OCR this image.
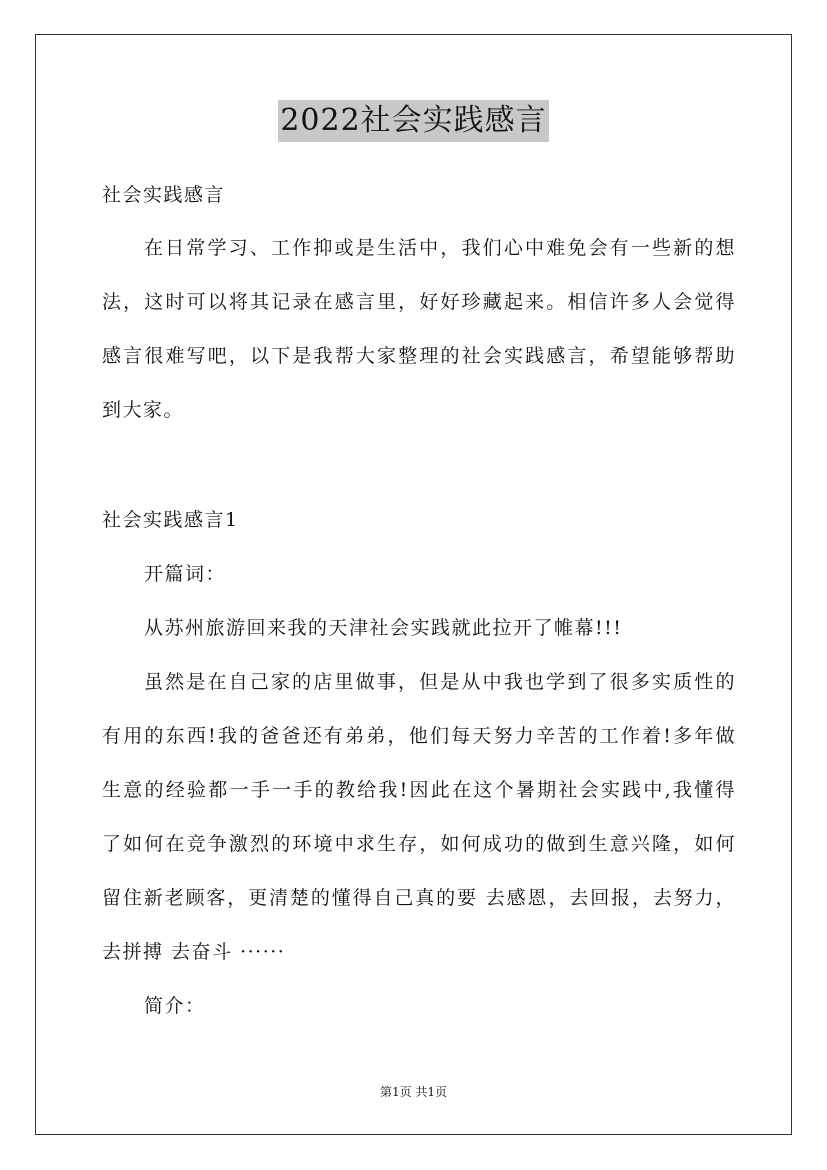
2022社会实践感言
社会实践感言
在日常学习、工作抑或是生活中，我们心中难免会有一些新的想
法，这时可以将其记录在感言里，好好珍藏起来。相信许多人会觉得
感言很难写吧，以下是我帮大家整理的社会实践感言，希望能够帮助
到大家。
社会实践感言1
开篇词：
从苏州旅游回来我的天津社会实践就此拉开了帷幕!!!
虽然是在自己家的店里做事，但是从中我也学到了很多实质性的
有用的东西!我的爸爸还有弟弟，他们每天努力辛苦的工作着!多年做
生意的经验都一手一手的教给我!因此在这个暑期社会实践中,我懂得
了如何在竞争激烈的环境中求生存，如何成功的做到生意兴隆，如何
留住新老顾客，更清楚的懂得自己真的要 去感恩，去回报，去努力，
去拼搏 去奋斗 ······
简介：
第1页 共1页
